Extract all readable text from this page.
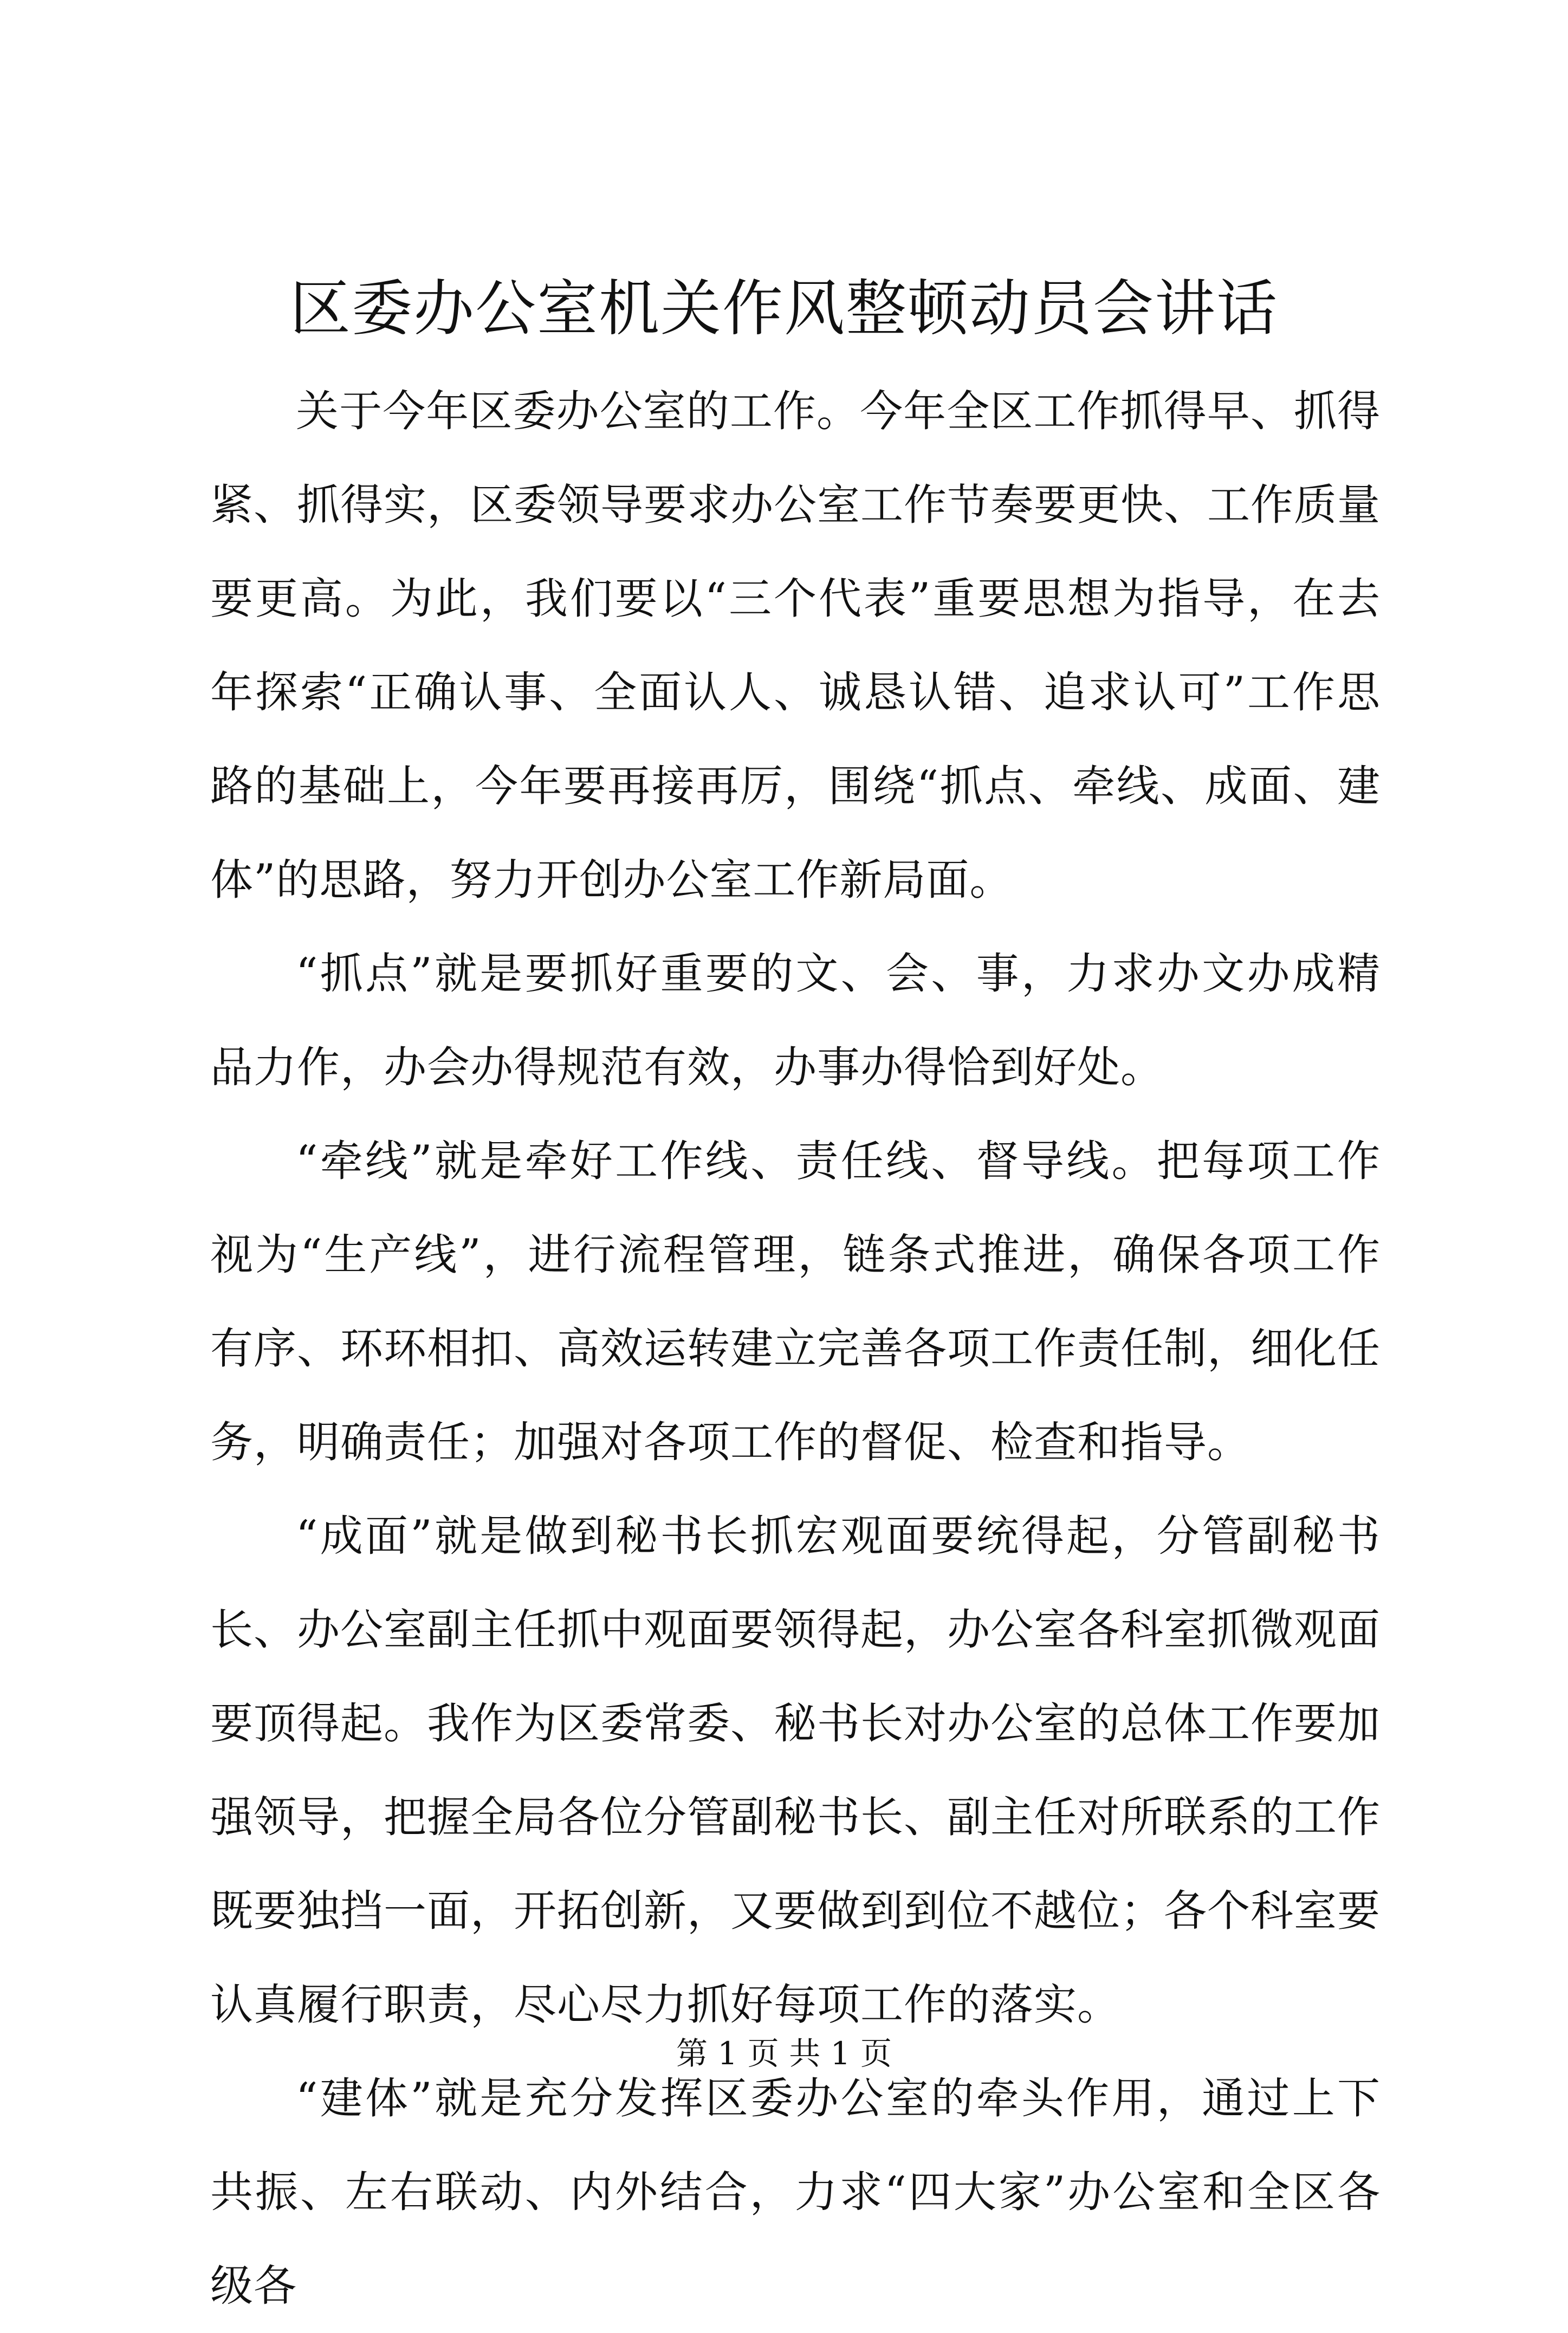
区委办公室机关作风整顿动员会讲话

关于今年区委办公室的工作。今年全区工作抓得早、抓得紧、抓得实，区委领导要求办公室工作节奏要更快、工作质量要更高。为此，我们要以“三个代表”重要思想为指导，在去年探索“正确认事、全面认人、诚恳认错、追求认可”工作思路的基础上，今年要再接再厉，围绕“抓点、牵线、成面、建体”的思路，努力开创办公室工作新局面。

“抓点”就是要抓好重要的文、会、事，力求办文办成精品力作，办会办得规范有效，办事办得恰到好处。

“牵线”就是牵好工作线、责任线、督导线。把每项工作视为“生产线”，进行流程管理，链条式推进，确保各项工作有序、环环相扣、高效运转建立完善各项工作责任制，细化任务，明确责任；加强对各项工作的督促、检查和指导。

“成面”就是做到秘书长抓宏观面要统得起，分管副秘书长、办公室副主任抓中观面要领得起，办公室各科室抓微观面要顶得起。我作为区委常委、秘书长对办公室的总体工作要加强领导，把握全局各位分管副秘书长、副主任对所联系的工作既要独挡一面，开拓创新，又要做到到位不越位；各个科室要认真履行职责，尽心尽力抓好每项工作的落实。

“建体”就是充分发挥区委办公室的牵头作用，通过上下共振、左右联动、内外结合，力求“四大家”办公室和全区各级各

第 1 页 共 1 页
